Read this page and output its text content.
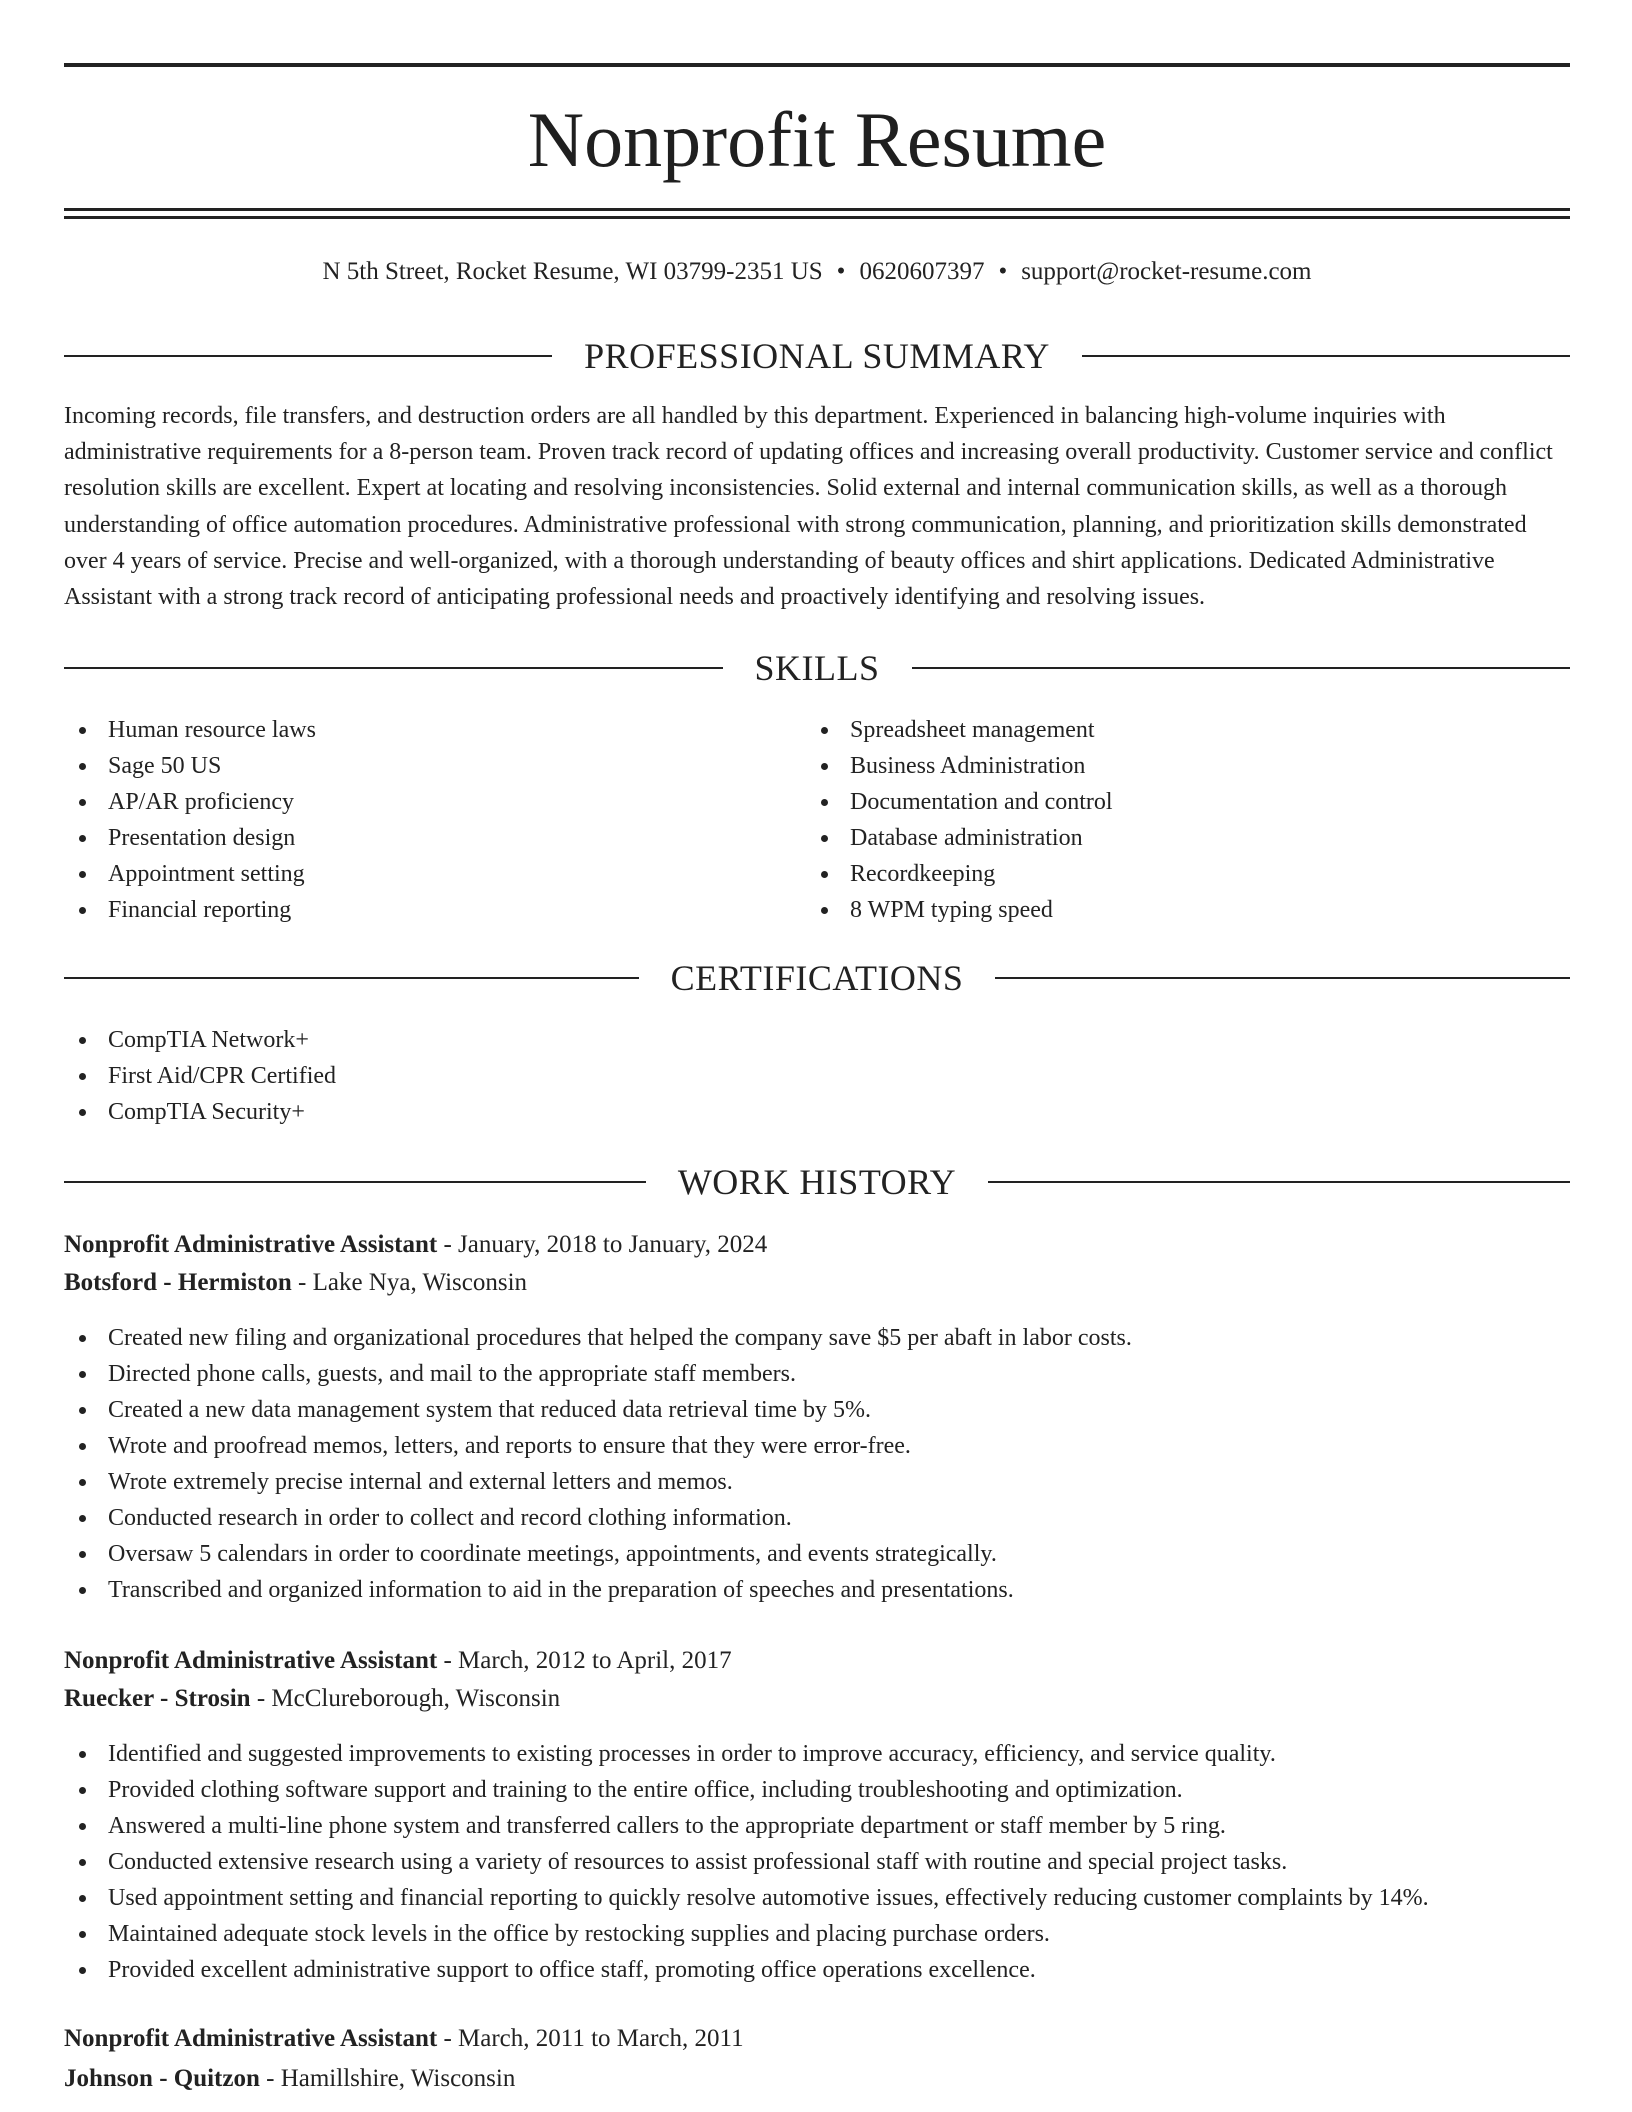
Nonprofit Resume
N 5th Street, Rocket Resume, WI 03799-2351 US • 0620607397 • support@rocket-resume.com
PROFESSIONAL SUMMARY

Incoming records, file transfers, and destruction orders are all handled by this department. Experienced in balancing high-volume inquiries with administrative requirements for a 8-person team. Proven track record of updating offices and increasing overall productivity. Customer service and conflict resolution skills are excellent. Expert at locating and resolving inconsistencies. Solid external and internal communication skills, as well as a thorough understanding of office automation procedures. Administrative professional with strong communication, planning, and prioritization skills demonstrated over 4 years of service. Precise and well-organized, with a thorough understanding of beauty offices and shirt applications. Dedicated Administrative Assistant with a strong track record of anticipating professional needs and proactively identifying and resolving issues.

SKILLS
Human resource laws
Sage 50 US
AP/AR proficiency
Presentation design
Appointment setting
Financial reporting
Spreadsheet management
Business Administration
Documentation and control
Database administration
Recordkeeping
8 WPM typing speed
CERTIFICATIONS
CompTIA Network+
First Aid/CPR Certified
CompTIA Security+
WORK HISTORY
Nonprofit Administrative Assistant - January, 2018 to January, 2024
Botsford - Hermiston - Lake Nya, Wisconsin
Created new filing and organizational procedures that helped the company save $5 per abaft in labor costs.
Directed phone calls, guests, and mail to the appropriate staff members.
Created a new data management system that reduced data retrieval time by 5%.
Wrote and proofread memos, letters, and reports to ensure that they were error-free.
Wrote extremely precise internal and external letters and memos.
Conducted research in order to collect and record clothing information.
Oversaw 5 calendars in order to coordinate meetings, appointments, and events strategically.
Transcribed and organized information to aid in the preparation of speeches and presentations.
Nonprofit Administrative Assistant - March, 2012 to April, 2017
Ruecker - Strosin - McClureborough, Wisconsin
Identified and suggested improvements to existing processes in order to improve accuracy, efficiency, and service quality.
Provided clothing software support and training to the entire office, including troubleshooting and optimization.
Answered a multi-line phone system and transferred callers to the appropriate department or staff member by 5 ring.
Conducted extensive research using a variety of resources to assist professional staff with routine and special project tasks.
Used appointment setting and financial reporting to quickly resolve automotive issues, effectively reducing customer complaints by 14%.
Maintained adequate stock levels in the office by restocking supplies and placing purchase orders.
Provided excellent administrative support to office staff, promoting office operations excellence.
Nonprofit Administrative Assistant - March, 2011 to March, 2011
Johnson - Quitzon - Hamillshire, Wisconsin
